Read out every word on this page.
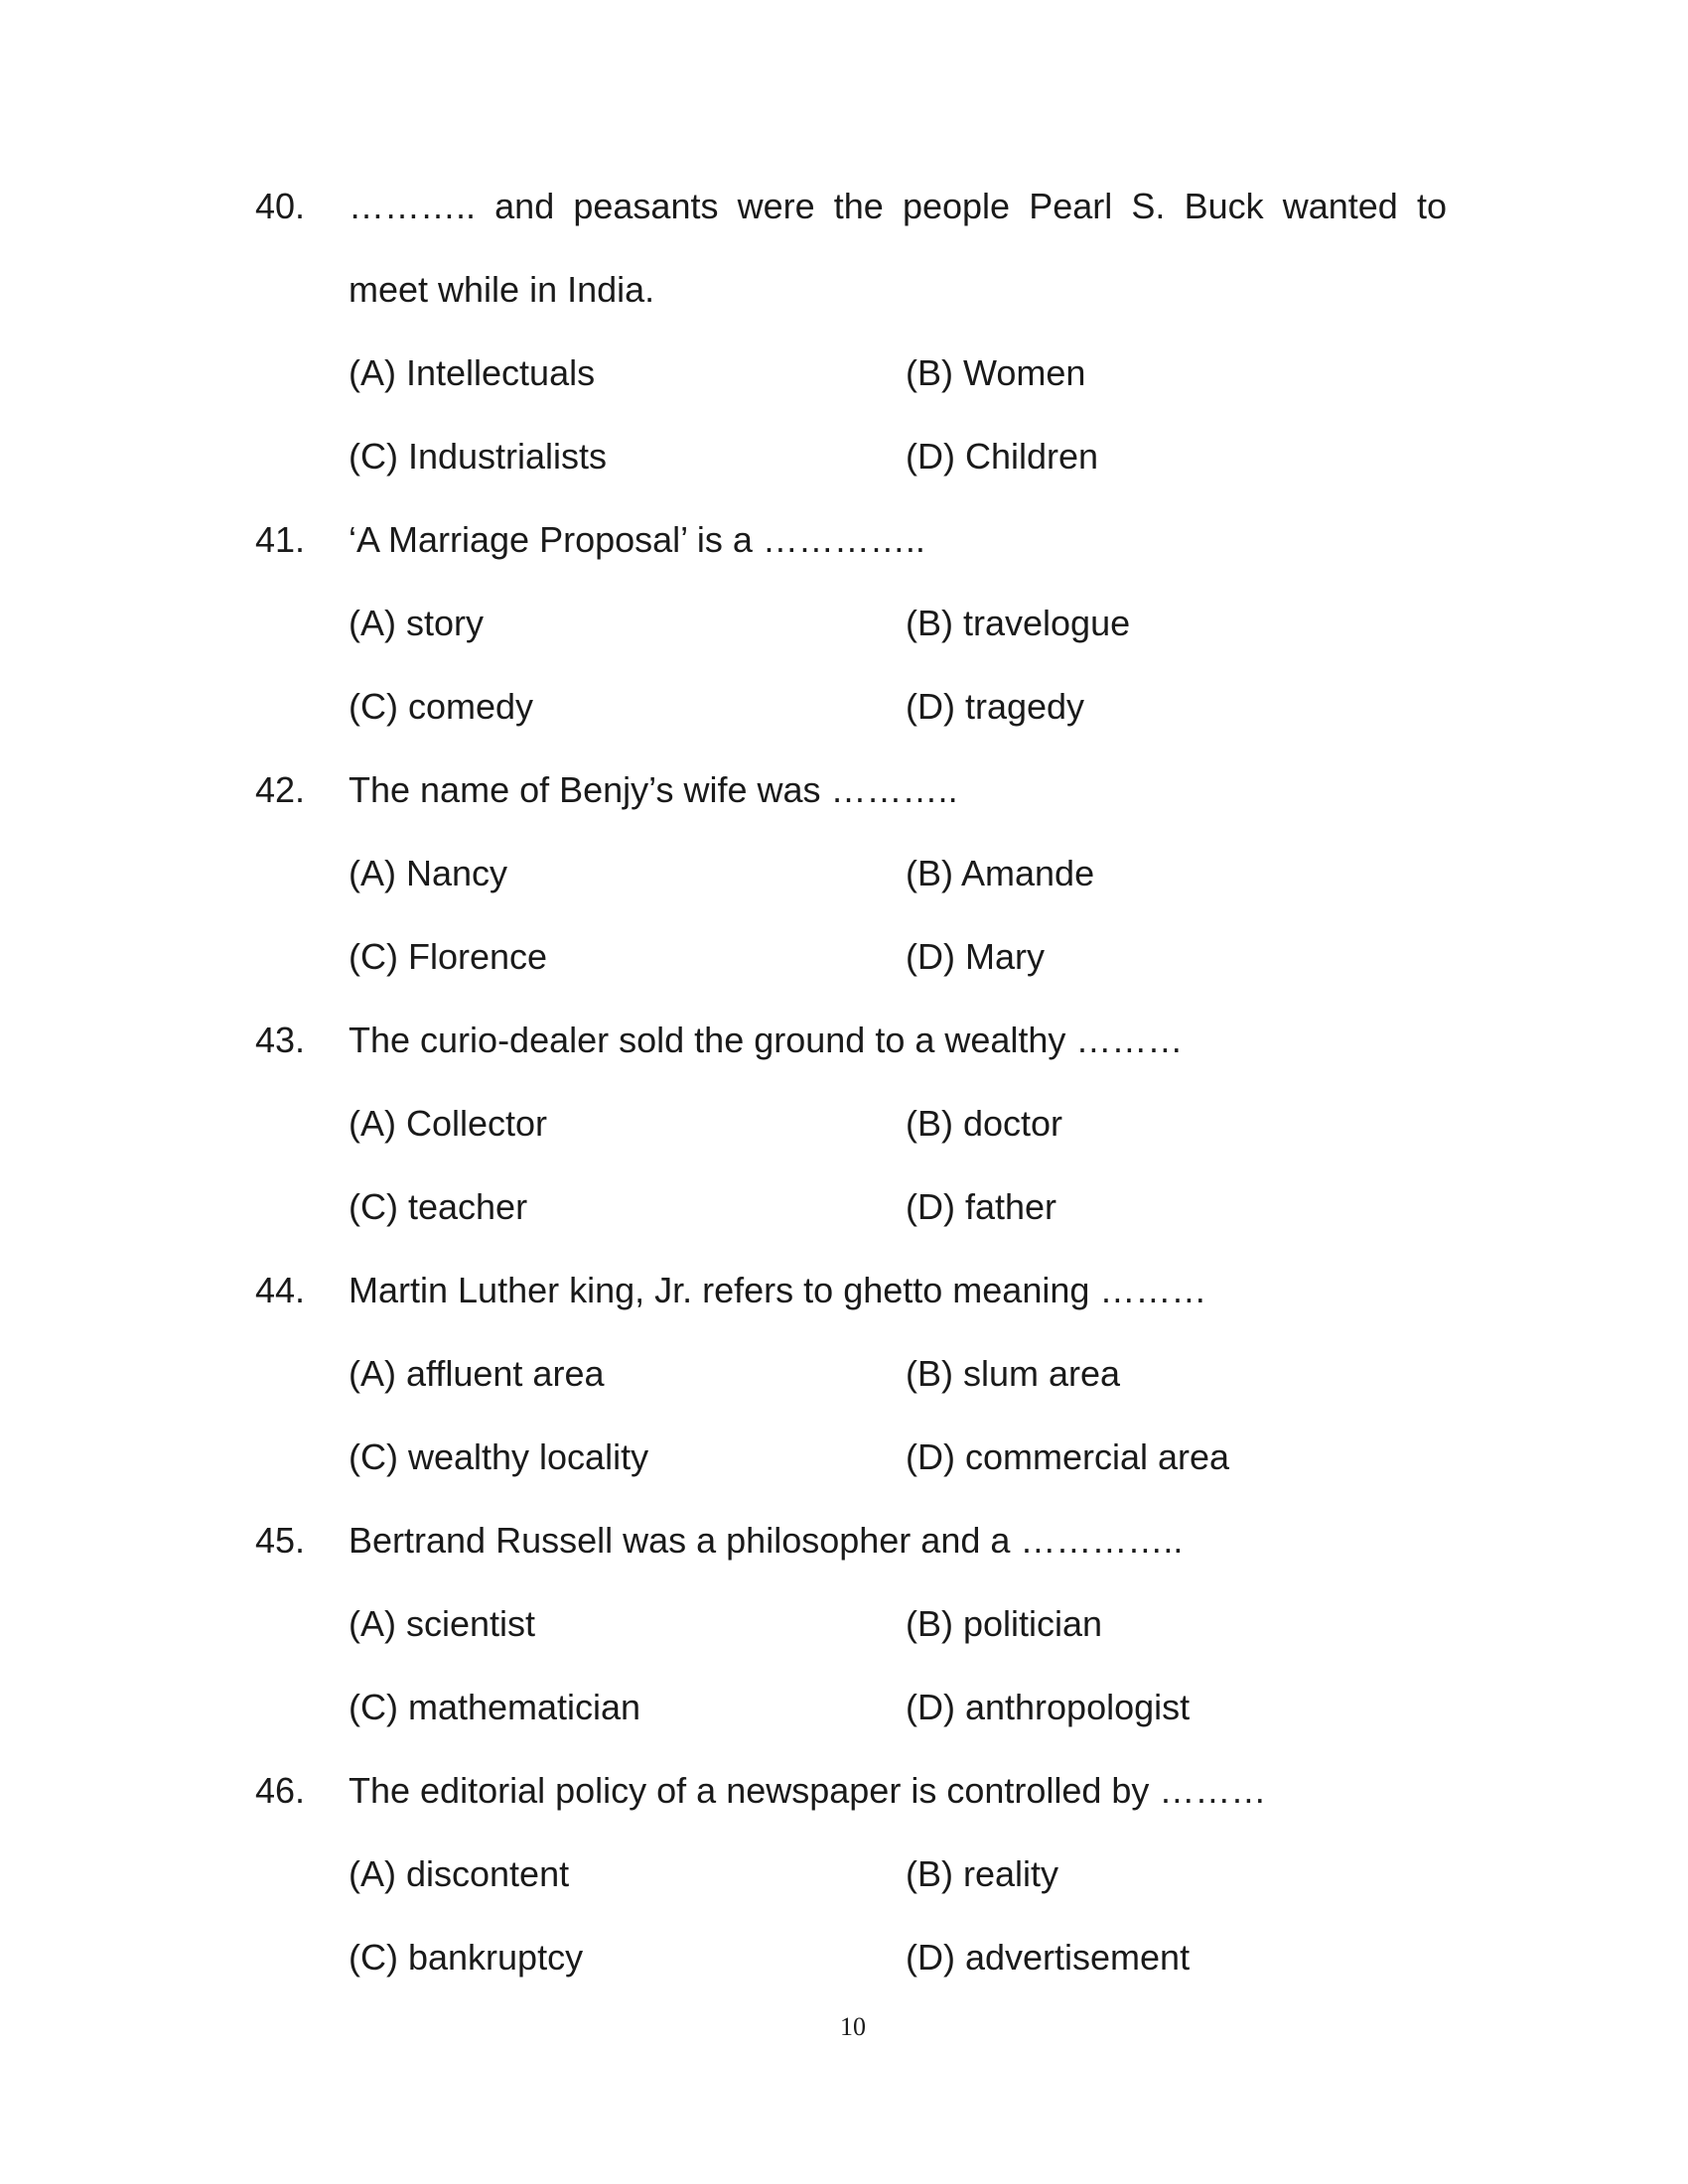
40. ……….. and peasants were the people Pearl S. Buck wanted to
meet while in India.
(A) Intellectuals	(B) Women
(C) Industrialists	(D) Children
41. ‘A Marriage Proposal’ is a …………..
(A) story	(B) travelogue
(C) comedy	(D) tragedy
42. The name of Benjy’s wife was ………..
(A) Nancy	(B) Amande
(C) Florence	(D) Mary
43. The curio-dealer sold the ground to a wealthy ………
(A) Collector	(B) doctor
(C) teacher	(D) father
44. Martin Luther king, Jr. refers to ghetto meaning ………
(A) affluent area	(B) slum area
(C) wealthy locality	(D) commercial area
45. Bertrand Russell was a philosopher and a …………..
(A) scientist	(B) politician
(C) mathematician	(D) anthropologist
46. The editorial policy of a newspaper is controlled by ………
(A) discontent	(B) reality
(C) bankruptcy	(D) advertisement
10
